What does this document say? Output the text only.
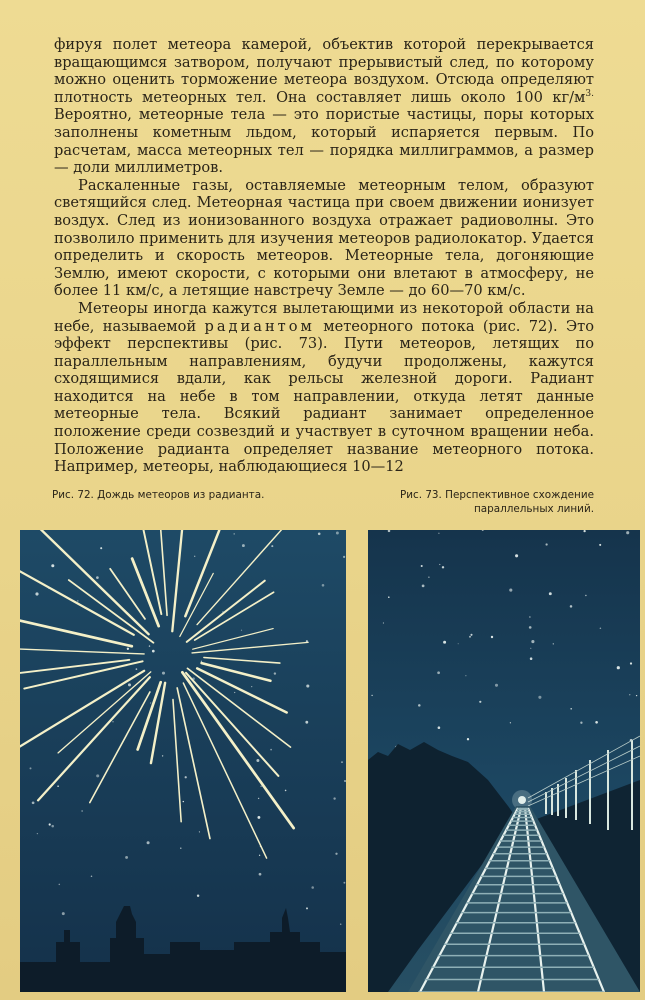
фируя полет метеора камерой, объектив которой перекрывается вращающимся затвором, получают прерывистый след, по которому можно оценить торможение метеора воздухом. Отсюда определяют плотность метеорных тел. Она составляет лишь около 100 $кг/м^{3.}$ Вероятно, метеорные тела — это пористые частицы, поры которых заполнены кометным льдом, который испаряется первым. По расчетам, масса метеорных тел — порядка миллиграммов, а размер — доли миллиметров.

Раскаленные газы, оставляемые метеорным телом, образуют светящийся след. Метеорная частица при своем движении ионизует воздух. След из ионизованного воздуха отражает радиоволны. Это позволило применить для изучения метеоров радиолокатор. Удается определить и скорость метеоров. Метеорные тела, догоняющие Землю, имеют скорости, с которыми они влетают в атмосферу, не более 11 км/с, а летящие навстречу Земле — до 60—70 км/с.

Метеоры иногда кажутся вылетающими из некоторой области на небе, называемой радиантом метеорного потока (рис. 72). Это эффект перспективы (рис. 73). Пути метеоров, летящих по параллельным направлениям, будучи продолжены, кажутся сходящимися вдали, как рельсы железной дороги. Радиант находится на небе в том направлении, откуда летят данные метеорные тела. Всякий радиант занимает определенное положение среди созвездий и участвует в суточном вращении неба. Положение радианта определяет название метеорного потока. Например, метеоры, наблюдающиеся 10—12

Рис. 72. Дождь метеоров из радианта.	Рис. 73. Перспективное схождение параллельных линий.
